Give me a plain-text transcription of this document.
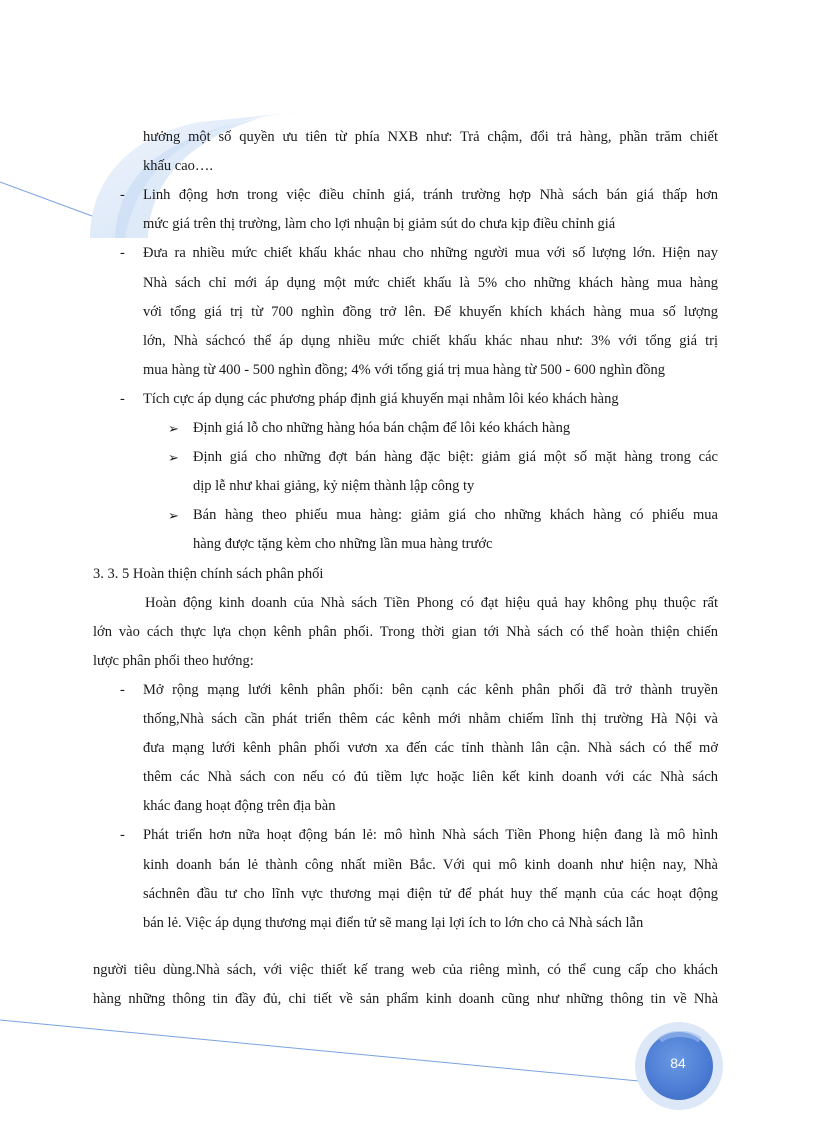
hưởng một số quyền ưu tiên từ phía NXB như: Trả chậm, đổi trả hàng, phần trăm chiết
khấu cao….
- Linh động hơn trong việc điều chỉnh giá, tránh trường hợp Nhà sách bán giá thấp hơn
mức giá trên thị trường, làm cho lợi nhuận bị giảm sút do chưa kịp điều chỉnh giá
- Đưa ra nhiều mức chiết khấu khác nhau cho những người mua với số lượng lớn. Hiện nay
Nhà sách chỉ mới áp dụng một mức chiết khấu là 5% cho những khách hàng mua hàng
với tổng giá trị từ 700 nghìn đồng trở lên. Để khuyến khích khách hàng mua số lượng
lớn, Nhà sáchcó thể áp dụng nhiều mức chiết khấu khác nhau như: 3% với tổng giá trị
mua hàng từ 400 - 500 nghìn đồng; 4% với tổng giá trị mua hàng từ 500 - 600 nghìn đồng
- Tích cực áp dụng các phương pháp định giá khuyến mại nhằm lôi kéo khách hàng
➢ Định giá lỗ cho những hàng hóa bán chậm để lôi kéo khách hàng
➢ Định giá cho những đợt bán hàng đặc biệt: giảm giá một số mặt hàng trong các
dịp lễ như khai giảng, kỷ niệm thành lập công ty
➢ Bán hàng theo phiếu mua hàng: giảm giá cho những khách hàng có phiếu mua
hàng được tặng kèm cho những lần mua hàng trước
3. 3. 5 Hoàn thiện chính sách phân phối
Hoàn động kinh doanh của Nhà sách Tiền Phong có đạt hiệu quả hay không phụ thuộc rất
lớn vào cách thực lựa chọn kênh phân phối. Trong thời gian tới Nhà sách có thể hoàn thiện chiến
lược phân phối theo hướng:
- Mở rộng mạng lưới kênh phân phối: bên cạnh các kênh phân phối đã trở thành truyền
thống,Nhà sách cần phát triển thêm các kênh mới nhằm chiếm lĩnh thị trường Hà Nội và
đưa mạng lưới kênh phân phối vươn xa đến các tỉnh thành lân cận. Nhà sách có thể mở
thêm các Nhà sách con nếu có đủ tiềm lực hoặc liên kết kinh doanh với các Nhà sách
khác đang hoạt động trên địa bàn
- Phát triển hơn nữa hoạt động bán lẻ: mô hình Nhà sách Tiền Phong hiện đang là mô hình
kinh doanh bán lẻ thành công nhất miền Bắc. Với qui mô kinh doanh như hiện nay, Nhà
sáchnên đầu tư cho lĩnh vực thương mại điện tử để phát huy thế mạnh của các hoạt động
bán lẻ. Việc áp dụng thương mại điển tử sẽ mang lại lợi ích to lớn cho cả Nhà sách lẫn
người tiêu dùng.Nhà sách, với việc thiết kế trang web của riêng mình, có thể cung cấp cho khách
hàng những thông tin đầy đủ, chi tiết về sản phẩm kinh doanh cũng như những thông tin về Nhà
84
